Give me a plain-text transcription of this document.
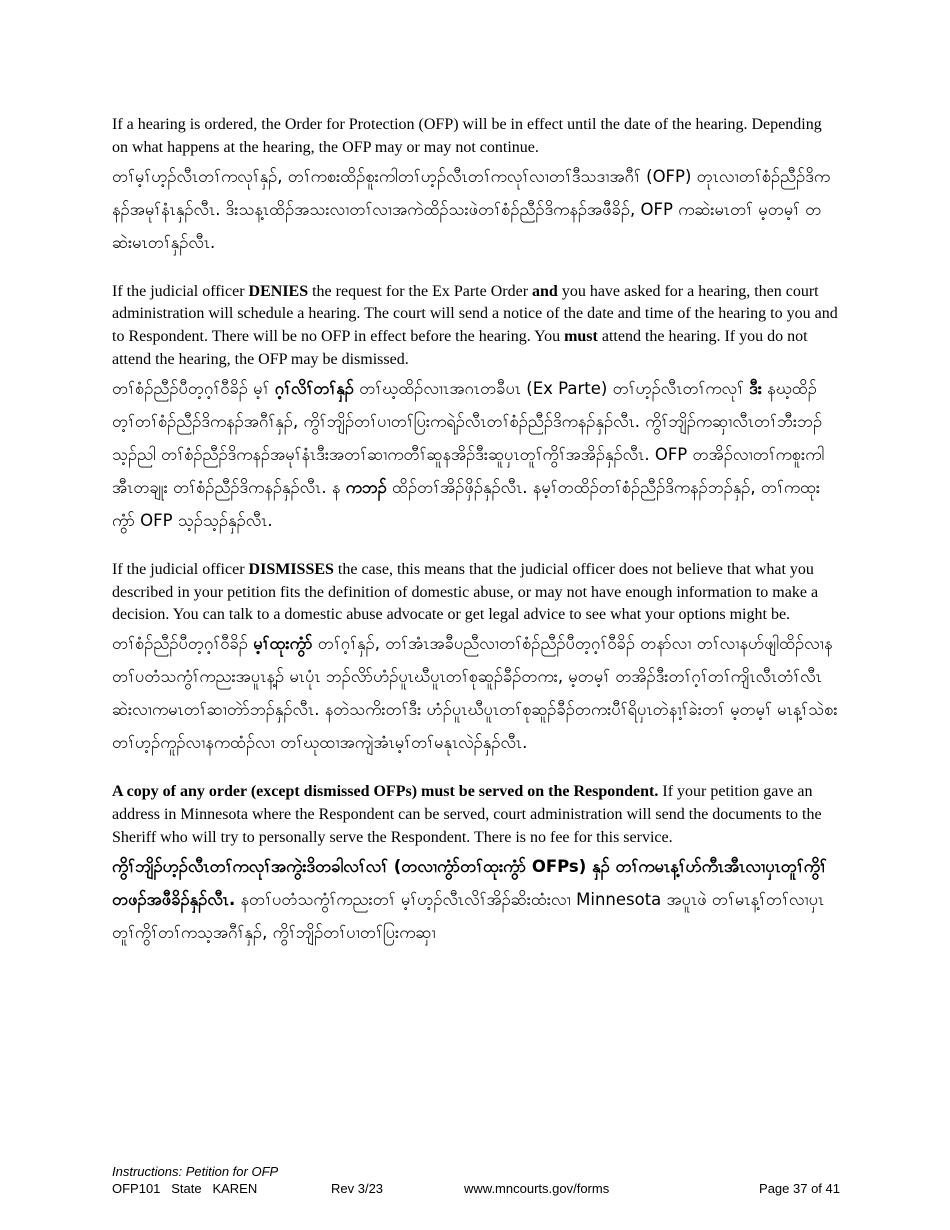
If a hearing is ordered, the Order for Protection (OFP) will be in effect until the date of the hearing. Depending on what happens at the hearing, the OFP may or may not continue.

တၢ်မ့ၢ်ဟ့ၣ်လီၤတၢ်ကလုၢ်နှၣ်, တၢ်ကစးထိၣ်စူးကါတၢ်ဟ့ၣ်လီၤတၢ်ကလုၢ်လၢတၢ်ဒီသဒၢအဂီၢ် (OFP) တုၤလၢတၢ်စံၣ်ညီၣ်ဒိကနၣ်အမုၢ်နံၤနှၣ်လီၤ. ဒိးသန့ၤထိၣ်အသးလၢတၢ်လၢအကဲထိၣ်သးဖဲတၢ်စံၣ်ညီၣ်ဒိကနၣ်အဖီခိၣ်, OFP ကဆဲးမၤတၢ် မ့တမ့ၢ် တဆဲးမၤတၢ်နှၣ်လီၤ.

If the judicial officer DENIES the request for the Ex Parte Order and you have asked for a hearing, then court administration will schedule a hearing. The court will send a notice of the date and time of the hearing to you and to Respondent. There will be no OFP in effect before the hearing. You must attend the hearing. If you do not attend the hearing, the OFP may be dismissed.

တၢ်စံၣ်ညီၣ်ပီတ့ဂ့ၢ်ဝီခိၣ် မ့ၢ် ဂ့ၢ်လိၢ်တၢ်နှၣ် တၢ်ဃ့ထိၣ်လၢၤအဂၤတခီပၤ (Ex Parte) တၢ်ဟ့ၣ်လီၤတၢ်ကလုၢ် ဒီး နဃ့ထိၣ်တ့ၢ်တၢ်စံၣ်ညီၣ်ဒိကနၣ်အဂီၢ်နှၣ်, ကွိၢ်ဘျိၣ်တၢ်ပၢတၢ်ပြးကရဲၣ်လီၤတၢ်စံၣ်ညီၣ်ဒိကနၣ်နှၣ်လီၤ. ကွိၢ်ဘျိၣ်ကဆှၢလီၤတၢ်ဘီးဘၣ်သ့ၣ်ညါ တၢ်စံၣ်ညီၣ်ဒိကနၣ်အမုၢ်နံၤဒီးအတၢ်ဆၢကတီၢ်ဆူနအိၣ်ဒီးဆူပှၤတူၢ်ကွိၢ်အအိၣ်နှၣ်လီၤ. OFP တအိၣ်လၢတၢ်ကစူးကါအီၤတချုး တၢ်စံၣ်ညီၣ်ဒိကနၣ်နှၣ်လီၤ. န ကဘၣ် ထိၣ်တၢ်အိၣ်ဖှိၣ်နှၣ်လီၤ. နမ့ၢ်တထိၣ်တၢ်စံၣ်ညီၣ်ဒိကနၣ်ဘၣ်နှၣ်, တၢ်ကထုးကွံာ် OFP သ့ၣ်သ့ၣ်နှၣ်လီၤ.

If the judicial officer DISMISSES the case, this means that the judicial officer does not believe that what you described in your petition fits the definition of domestic abuse, or may not have enough information to make a decision. You can talk to a domestic abuse advocate or get legal advice to see what your options might be.

တၢ်စံၣ်ညီၣ်ပီတ့ဂ့ၢ်ဝီခိၣ် မ့ၢ်ထုးကွံာ် တၢ်ဂ့ၢ်နှၣ်, တၢ်အံၤအခီပညီလၢတၢ်စံၣ်ညီၣ်ပီတ့ဂ့ၢ်ဝီခိၣ် တနာ်လၢ တၢ်လၢနဟ်ဖျါထိၣ်လၢနတၢ်ပတံသကွံၢ်ကညးအပူၤန့ၣ် မၤပုံၤ ဘၣ်လိာ်ဟံၣ်ပူၤဃီပူၤတၢ်စုဆူၣ်ခီၣ်တကး, မ့တမ့ၢ် တအိၣ်ဒီးတၢ်ဂ့ၢ်တၢ်ကျိၤလီၤတံၢ်လီၤဆဲးလၢကမၤတၢ်ဆၢတဲာ်ဘၣ်နှၣ်လီၤ. နတဲသကိးတၢ်ဒီး ဟံၣ်ပူၤဃီပူၤတၢ်စုဆူၣ်ခီၣ်တကးပီၢ်ရိပှၤတဲနၢ့ၢ်ခဲးတၢ် မ့တမ့ၢ် မၤန့ၢ်သဲစးတၢ်ဟ့ၣ်ကူၣ်လၢနကထံၣ်လၢ တၢ်ဃုထၢအကျဲအံၤမ့ၢ်တၢ်မနုၤလဲၣ်နှၣ်လီၤ.

A copy of any order (except dismissed OFPs) must be served on the Respondent. If your petition gave an address in Minnesota where the Respondent can be served, court administration will send the documents to the Sheriff who will try to personally serve the Respondent. There is no fee for this service.

ကွိၢ်ဘျိၣ်ဟ့ၣ်လီၤတၢ်ကလုၢ်အကွဲးဒိတခါလၢ်လၢ် (တလၢကွံာ်တၢ်ထုးကွံာ် OFPs) နှၣ် တၢ်ကမၤန့ၢ်ဟ်ကီၤအီၤလၢပှၤတူၢ်ကွိၢ်တဖၣ်အဖီခိၣ်နှၣ်လီၤ. နတၢ်ပတံသကွံၢ်ကညးတၢ် မ့ၢ်ဟ့ၣ်လီၤလိၢ်အိၣ်ဆိးထံးလၢ Minnesota အပူၤဖဲ တၢ်မၤန့ၢ်တၢ်လၢပှၤတူၢ်ကွိၢ်တၢ်ကသ့အဂီၢ်နှၣ်, ကွိၢ်ဘျိၣ်တၢ်ပၢတၢ်ပြးကဆှၢ

Instructions: Petition for OFP
OFP101   State   KAREN	Rev 3/23	www.mncourts.gov/forms	Page 37 of 41
